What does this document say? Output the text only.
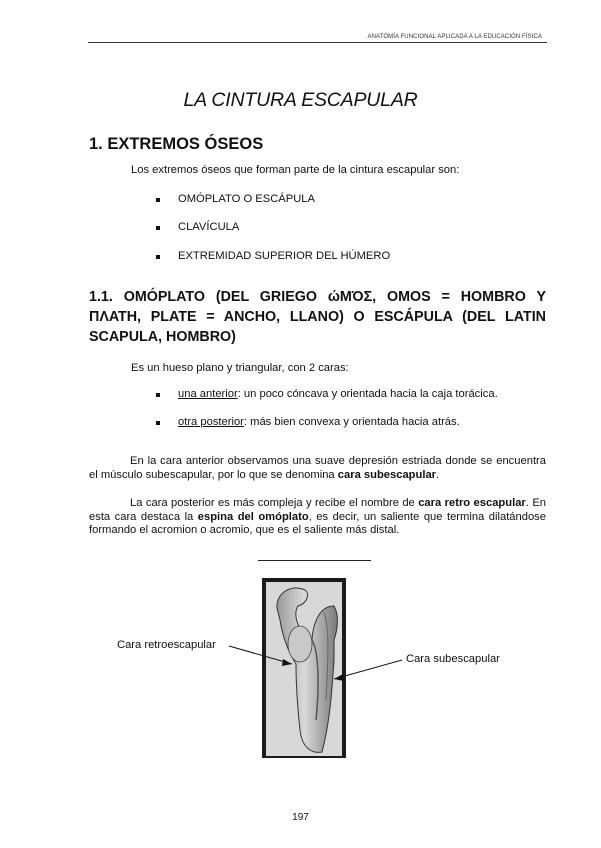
ANATOMÍA FUNCIONAL APLICADA A LA EDUCACIÓN FÍSICA
LA CINTURA ESCAPULAR
1. EXTREMOS ÓSEOS
Los extremos óseos que forman parte de la cintura escapular son:
OMÓPLATO O ESCÁPULA
CLAVÍCULA
EXTREMIDAD SUPERIOR DEL HÚMERO
1.1. OMÓPLATO (DEL GRIEGO ώΜΌΣ, OMOS = HOMBRO Y ΠΛΑΤΗ, PLATE = ANCHO, LLANO) O ESCÁPULA (DEL LATIN SCAPULA, HOMBRO)
Es un hueso plano y triangular, con 2 caras:
una anterior: un poco cóncava y orientada hacia la caja torácica.
otra posterior: más bien convexa y orientada hacia atrás.

En la cara anterior observamos una suave depresión estriada donde se encuentra el músculo subescapular, por lo que se denomina cara subescapular.

La cara posterior es más compleja y recibe el nombre de cara retro escapular. En esta cara destaca la espina del omóplato, es decir, un saliente que termina dilatándose formando el acromion o acromio, que es el saliente más distal.

Cara retroescapular
Cara subescapular
197
